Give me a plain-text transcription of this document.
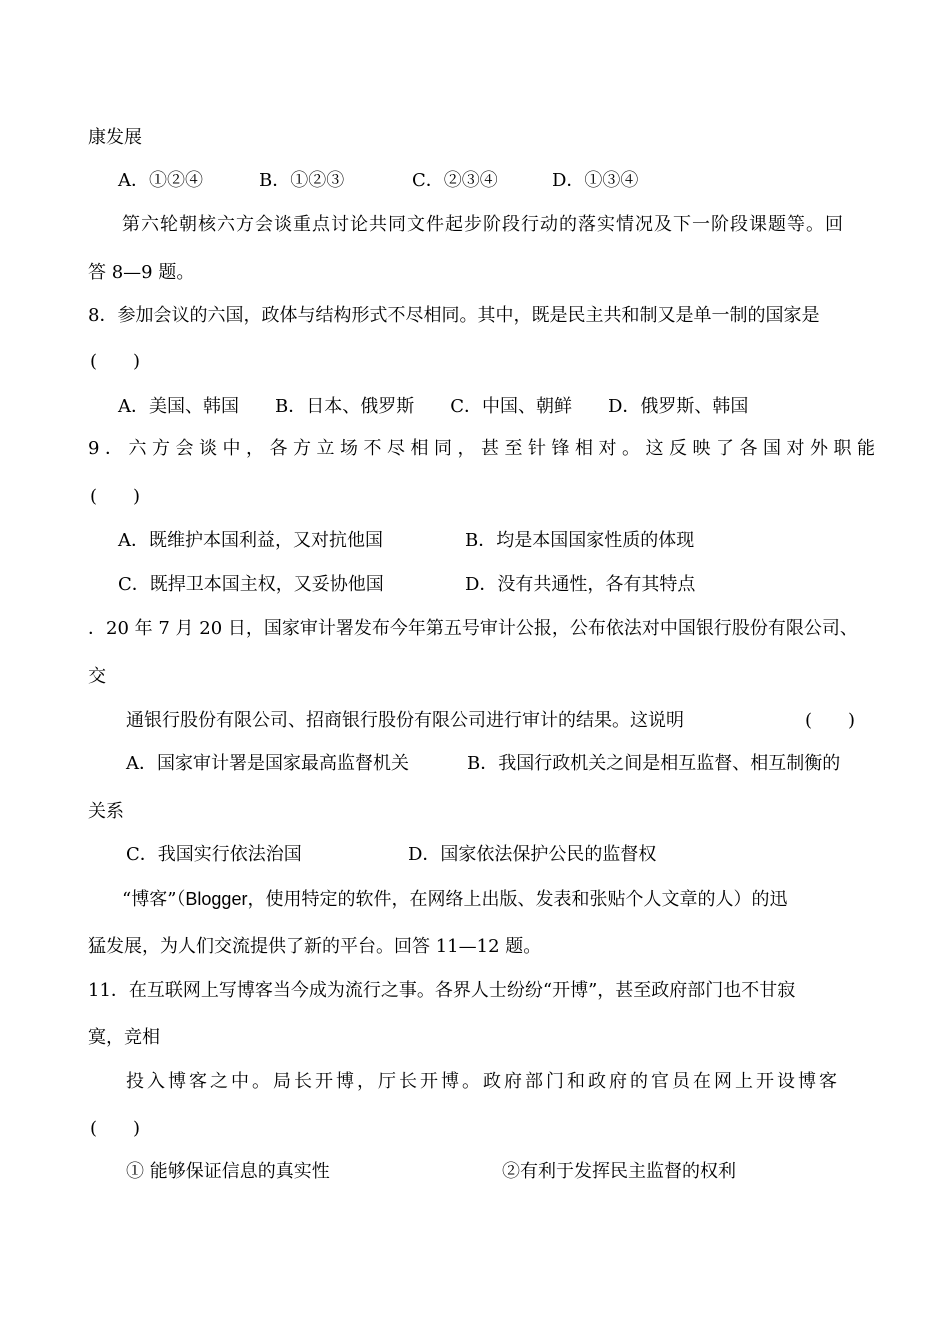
康发展
A．①②④	B．①②③	C．②③④	D．①③④
第六轮朝核六方会谈重点讨论共同文件起步阶段行动的落实情况及下一阶段课题等。回
答 8—9 题。
8．参加会议的六国，政体与结构形式不尽相同。其中，既是民主共和制又是单一制的国家是
(　　)
A．美国、韩国　　B．日本、俄罗斯　　C．中国、朝鲜　　D．俄罗斯、韩国
9．六方会谈中，各方立场不尽相同，甚至针锋相对。这反映了各国对外职能
(　　)
A．既维护本国利益，又对抗他国	B．均是本国国家性质的体现
C．既捍卫本国主权，又妥协他国	D．没有共通性，各有其特点
．20 年 7 月 20 日，国家审计署发布今年第五号审计公报，公布依法对中国银行股份有限公司、
交
通银行股份有限公司、招商银行股份有限公司进行审计的结果。这说明	(　　)
A．国家审计署是国家最高监督机关	B．我国行政机关之间是相互监督、相互制衡的
关系
C．我国实行依法治国	D．国家依法保护公民的监督权
“博客”（Blogger，使用特定的软件，在网络上出版、发表和张贴个人文章的人）的迅
猛发展，为人们交流提供了新的平台。回答 11—12 题。
11．在互联网上写博客当今成为流行之事。各界人士纷纷“开博”，甚至政府部门也不甘寂
寞，竞相
投入博客之中。局长开博，厅长开博。政府部门和政府的官员在网上开设博客
(　　)
① 能够保证信息的真实性	②有利于发挥民主监督的权利
